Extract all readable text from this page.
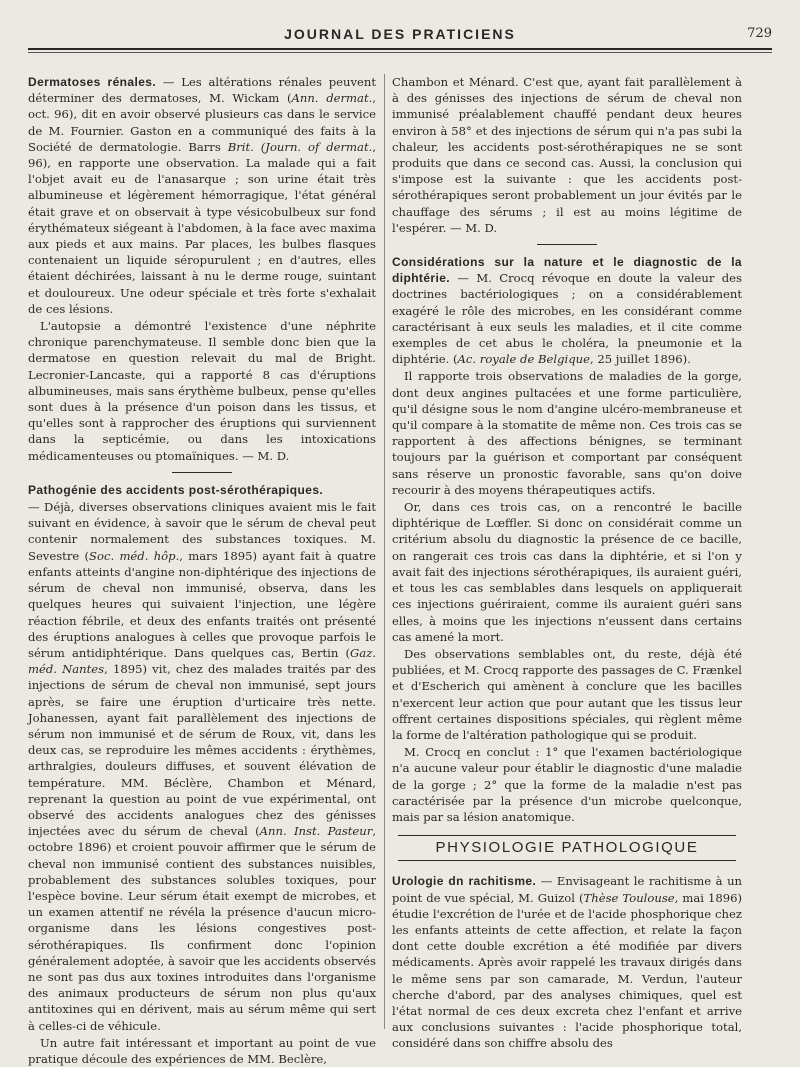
JOURNAL DES PRATICIENS	729

Dermatoses rénales. — Les altérations rénales peuvent déterminer des dermatoses, M. Wickam (Ann. dermat., oct. 96), dit en avoir observé plusieurs cas dans le service de M. Fournier. Gaston en a communiqué des faits à la Société de dermatologie. Barrs Brit. (Journ. of dermat., 96), en rapporte une observation. La malade qui a fait l'objet avait eu de l'anasarque ; son urine était très albumineuse et légèrement hémorragique, l'état général était grave et on observait à type vésicobulbeux sur fond érythémateux siégeant à l'abdomen, à la face avec maxima aux pieds et aux mains. Par places, les bulbes flasques contenaient un liquide séropurulent ; en d'autres, elles étaient déchirées, laissant à nu le derme rouge, suintant et douloureux. Une odeur spéciale et très forte s'exhalait de ces lésions.

L'autopsie a démontré l'existence d'une néphrite chronique parenchymateuse. Il semble donc bien que la dermatose en question relevait du mal de Bright. Lecronier-Lancaste, qui a rapporté 8 cas d'éruptions albumineuses, mais sans érythème bulbeux, pense qu'elles sont dues à la présence d'un poison dans les tissus, et qu'elles sont à rapprocher des éruptions qui surviennent dans la septicémie, ou dans les intoxications médicamenteuses ou ptomaïniques. — M. D.

Pathogénie des accidents post-sérothérapiques.

— Déjà, diverses observations cliniques avaient mis le fait suivant en évidence, à savoir que le sérum de cheval peut contenir normalement des substances toxiques. M. Sevestre (Soc. méd. hôp., mars 1895) ayant fait à quatre enfants atteints d'angine non-diphtérique des injections de sérum de cheval non immunisé, observa, dans les quelques heures qui suivaient l'injection, une légère réaction fébrile, et deux des enfants traités ont présenté des éruptions analogues à celles que provoque parfois le sérum antidiphtérique. Dans quelques cas, Bertin (Gaz. méd. Nantes, 1895) vit, chez des malades traités par des injections de sérum de cheval non immunisé, sept jours après, se faire une éruption d'urticaire très nette. Johanessen, ayant fait parallèlement des injections de sérum non immunisé et de sérum de Roux, vit, dans les deux cas, se reproduire les mêmes accidents : érythèmes, arthralgies, douleurs diffuses, et souvent élévation de température. MM. Béclère, Chambon et Ménard, reprenant la question au point de vue expérimental, ont observé des accidents analogues chez des génisses injectées avec du sérum de cheval (Ann. Inst. Pasteur, octobre 1896) et croient pouvoir affirmer que le sérum de cheval non immunisé contient des substances nuisibles, probablement des substances solubles toxiques, pour l'espèce bovine. Leur sérum était exempt de microbes, et un examen attentif ne révéla la présence d'aucun micro-organisme dans les lésions congestives post-sérothérapiques. Ils confirment donc l'opinion généralement adoptée, à savoir que les accidents observés ne sont pas dus aux toxines introduites dans l'organisme des animaux producteurs de sérum non plus qu'aux antitoxines qui en dérivent, mais au sérum même qui sert à celles-ci de véhicule.

Un autre fait intéressant et important au point de vue pratique découle des expériences de MM. Beclère,

Chambon et Ménard. C'est que, ayant fait parallèlement à à des génisses des injections de sérum de cheval non immunisé préalablement chauffé pendant deux heures environ à 58° et des injections de sérum qui n'a pas subi la chaleur, les accidents post-sérothérapiques ne se sont produits que dans ce second cas. Aussi, la conclusion qui s'impose est la suivante : que les accidents post-sérothérapiques seront probablement un jour évités par le chauffage des sérums ; il est au moins légitime de l'espérer. — M. D.

Considérations sur la nature et le diagnostic de la diphtérie. — M. Crocq révoque en doute la valeur des doctrines bactériologiques ; on a considérablement exagéré le rôle des microbes, en les considérant comme caractérisant à eux seuls les maladies, et il cite comme exemples de cet abus le choléra, la pneumonie et la diphtérie. (Ac. royale de Belgique, 25 juillet 1896).

Il rapporte trois observations de maladies de la gorge, dont deux angines pultacées et une forme particulière, qu'il désigne sous le nom d'angine ulcéro-membraneuse et qu'il compare à la stomatite de même non. Ces trois cas se rapportent à des affections bénignes, se terminant toujours par la guérison et comportant par conséquent sans réserve un pronostic favorable, sans qu'on doive recourir à des moyens thérapeutiques actifs.

Or, dans ces trois cas, on a rencontré le bacille diphtérique de Lœffler. Si donc on considérait comme un critérium absolu du diagnostic la présence de ce bacille, on rangerait ces trois cas dans la diphtérie, et si l'on y avait fait des injections sérothérapiques, ils auraient guéri, et tous les cas semblables dans lesquels on appliquerait ces injections guériraient, comme ils auraient guéri sans elles, à moins que les injections n'eussent dans certains cas amené la mort.

Des observations semblables ont, du reste, déjà été publiées, et M. Crocq rapporte des passages de C. Frænkel et d'Escherich qui amènent à conclure que les bacilles n'exercent leur action que pour autant que les tissus leur offrent certaines dispositions spéciales, qui règlent même la forme de l'altération pathologique qui se produit.

M. Crocq en conclut : 1° que l'examen bactériologique n'a aucune valeur pour établir le diagnostic d'une maladie de la gorge ; 2° que la forme de la maladie n'est pas caractérisée par la présence d'un microbe quelconque, mais par sa lésion anatomique.

PHYSIOLOGIE PATHOLOGIQUE

Urologie dn rachitisme. — Envisageant le rachitisme à un point de vue spécial, M. Guizol (Thèse Toulouse, mai 1896) étudie l'excrétion de l'urée et de l'acide phosphorique chez les enfants atteints de cette affection, et relate la façon dont cette double excrétion a été modifiée par divers médicaments. Après avoir rappelé les travaux dirigés dans le même sens par son camarade, M. Verdun, l'auteur cherche d'abord, par des analyses chimiques, quel est l'état normal de ces deux excreta chez l'enfant et arrive aux conclusions suivantes : l'acide phosphorique total, considéré dans son chiffre absolu des
